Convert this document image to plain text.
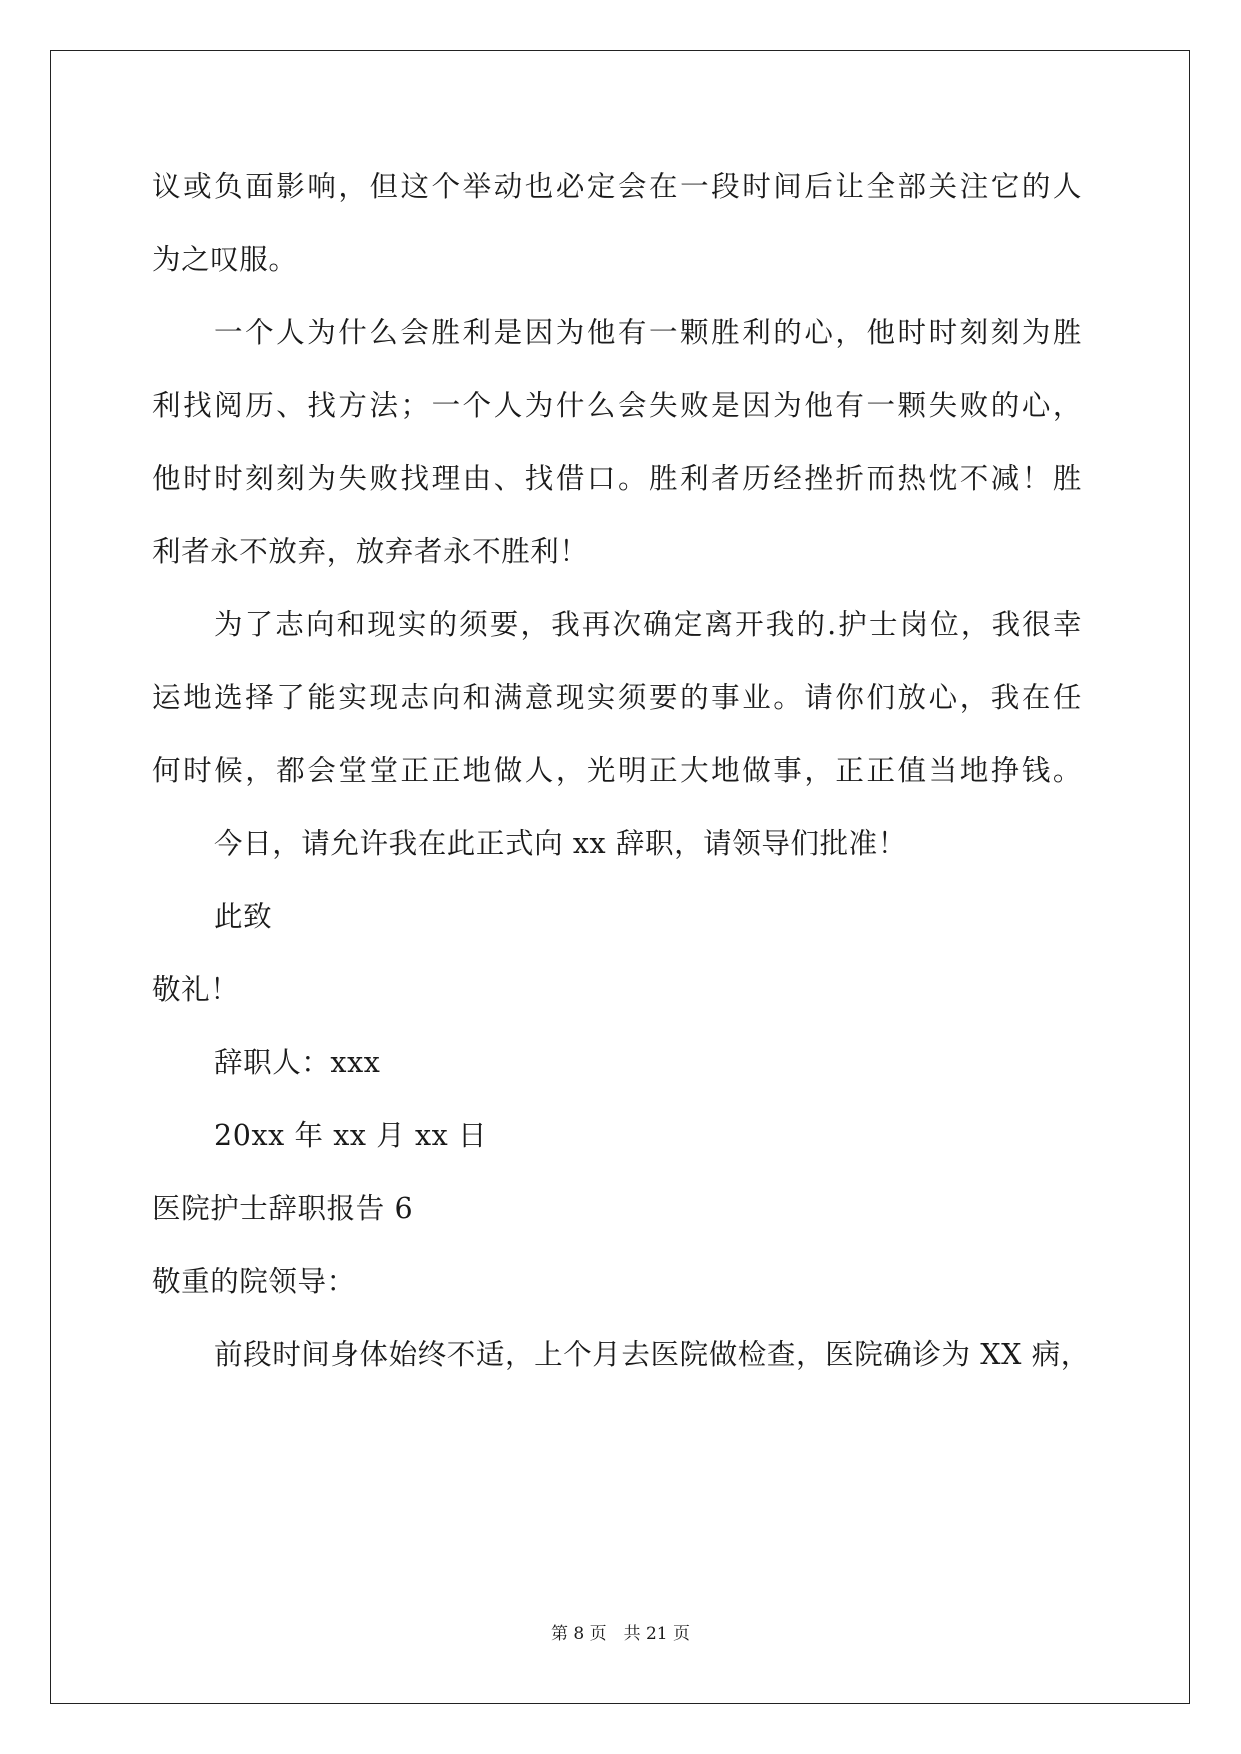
议或负面影响，但这个举动也必定会在一段时间后让全部关注它的人
为之叹服。
一个人为什么会胜利是因为他有一颗胜利的心，他时时刻刻为胜
利找阅历、找方法；一个人为什么会失败是因为他有一颗失败的心，
他时时刻刻为失败找理由、找借口。胜利者历经挫折而热忱不减！胜
利者永不放弃，放弃者永不胜利！
为了志向和现实的须要，我再次确定离开我的.护士岗位，我很幸
运地选择了能实现志向和满意现实须要的事业。请你们放心，我在任
何时候，都会堂堂正正地做人，光明正大地做事，正正值当地挣钱。
今日，请允许我在此正式向 xx 辞职，请领导们批准！
此致
敬礼！
辞职人：xxx
20xx 年 xx 月 xx 日
医院护士辞职报告 6
敬重的院领导：
前段时间身体始终不适，上个月去医院做检查，医院确诊为 XX 病，
第 8 页　共 21 页
